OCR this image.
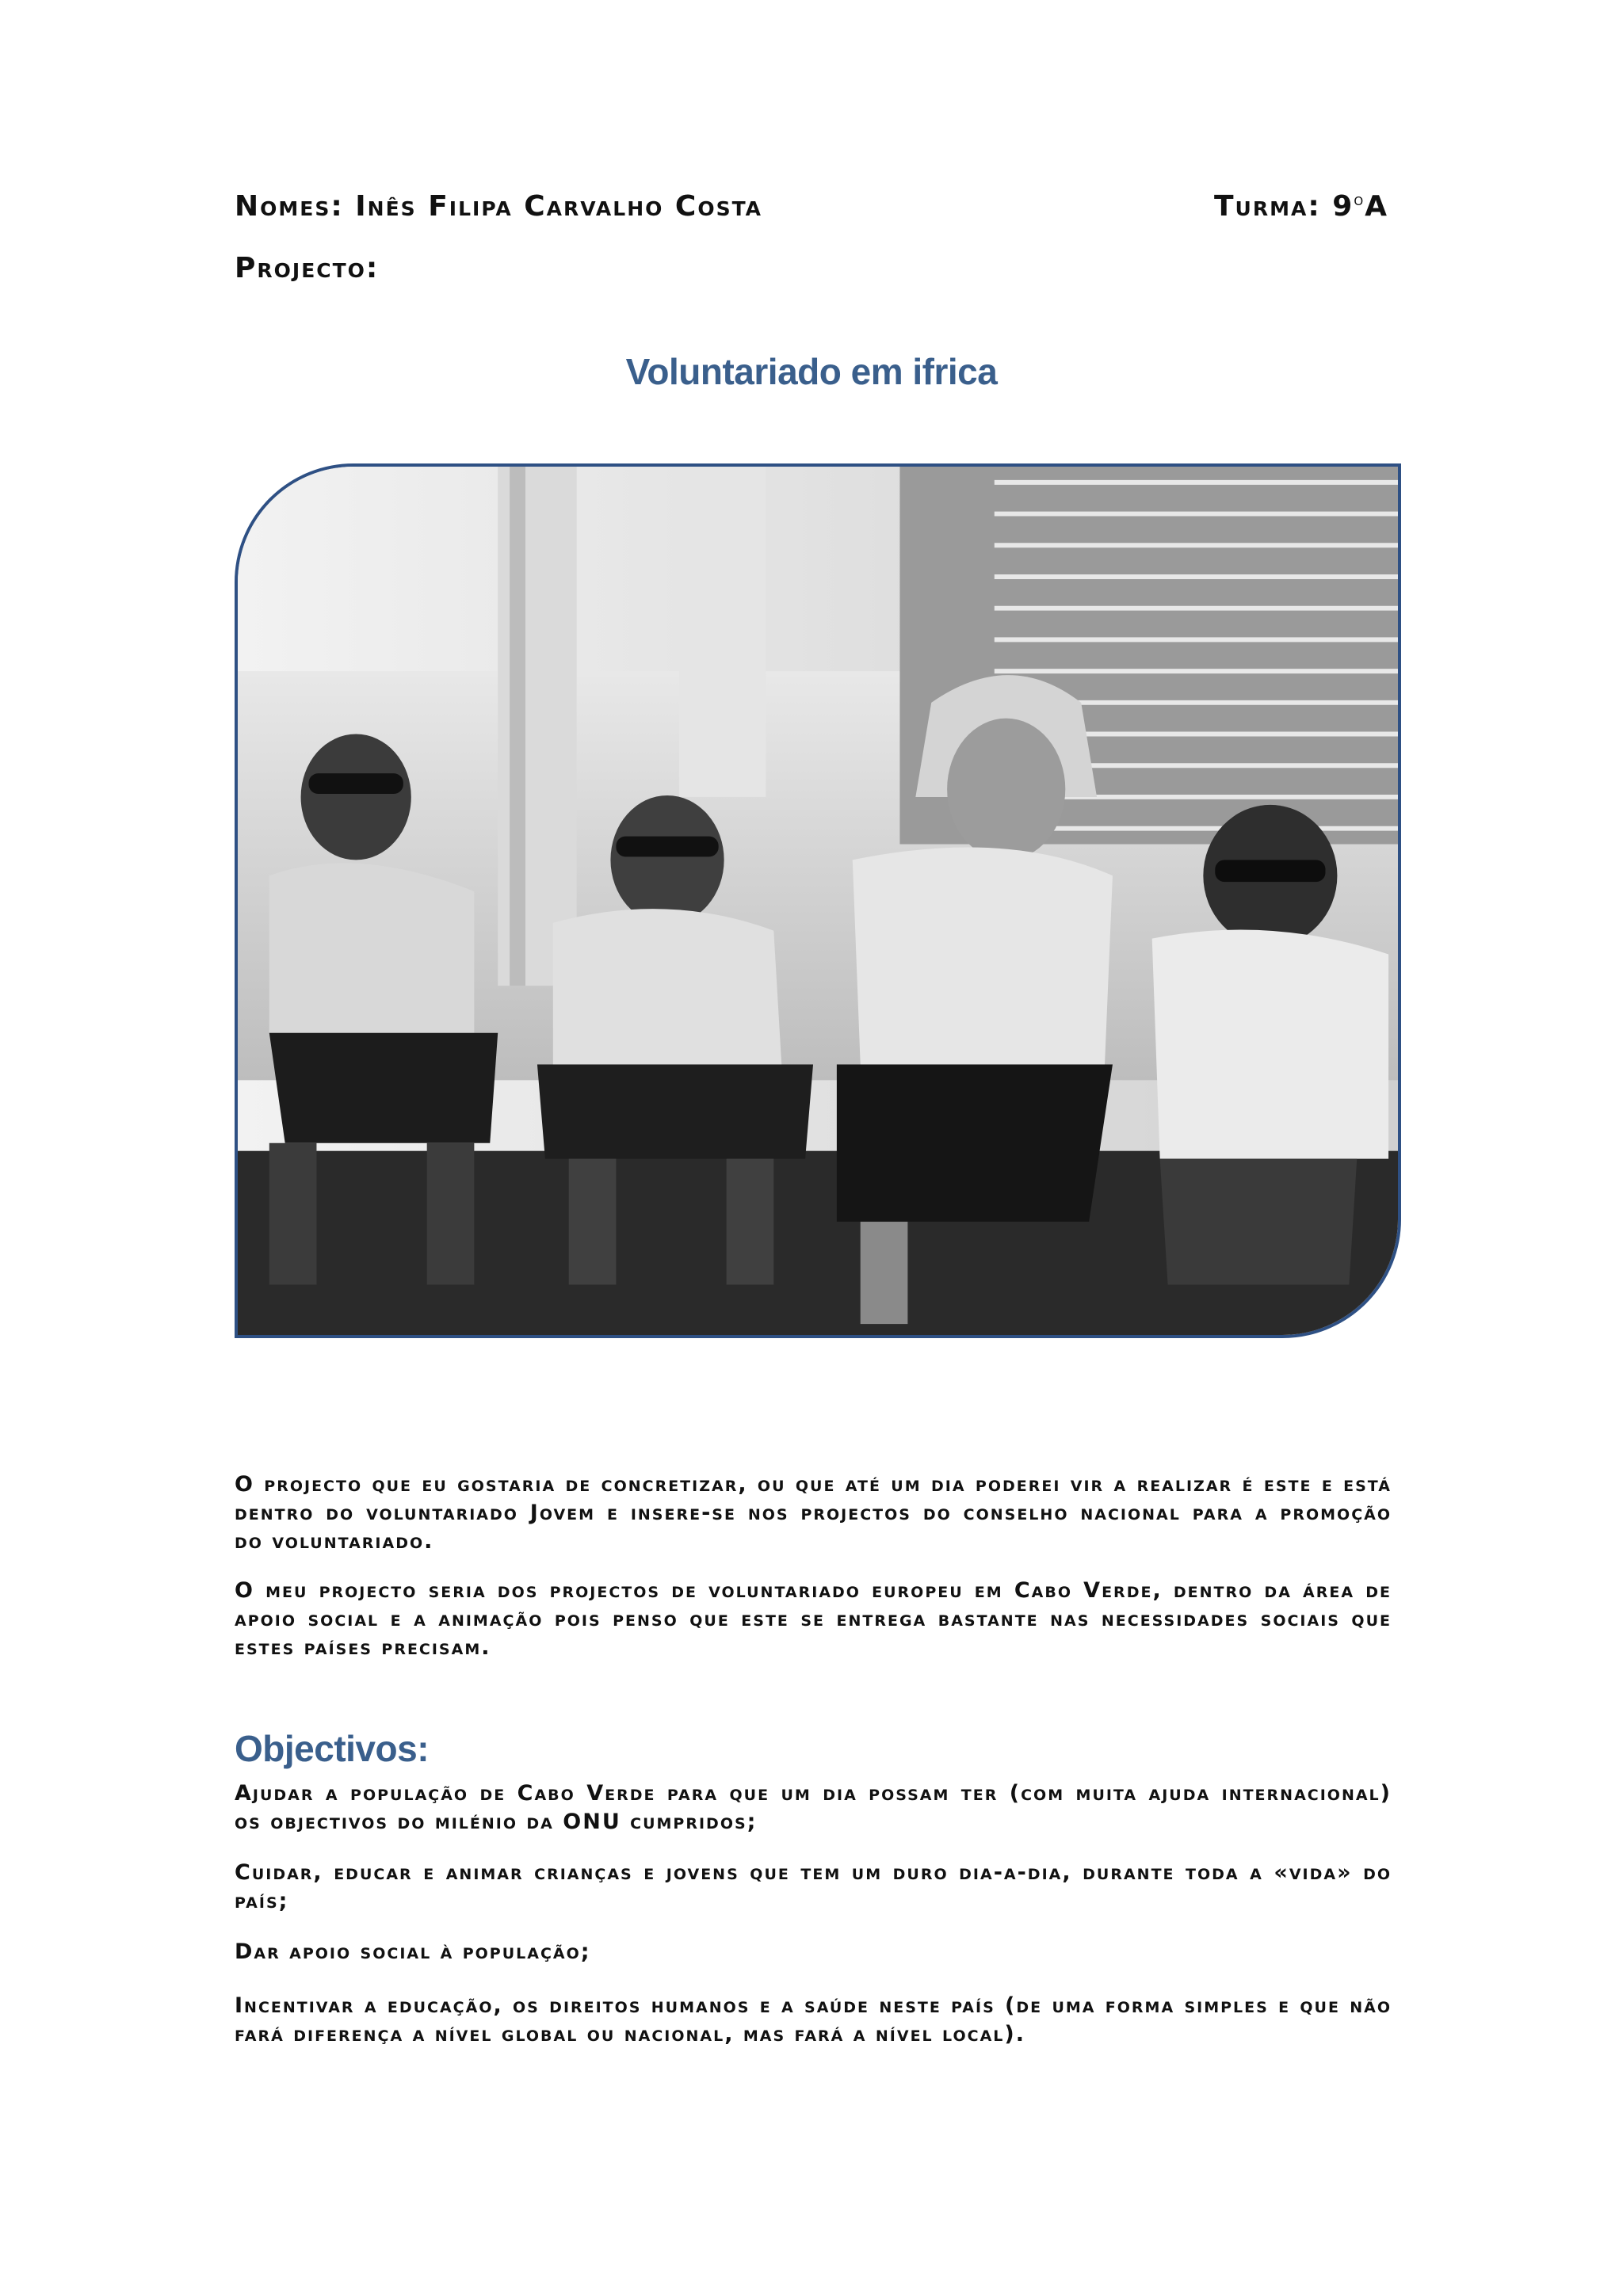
Nomes: Inês Filipa Carvalho Costa	Turma: 9$^o$A
Projecto:
Voluntariado em ifrica
O projecto que eu gostaria de concretizar, ou que até um dia poderei vir a realizar é este e está dentro do voluntariado Jovem e insere-se nos projectos do conselho nacional para a promoção do voluntariado.
O meu projecto seria dos projectos de voluntariado europeu em Cabo Verde, dentro da área de apoio social e a animação pois penso que este se entrega bastante nas necessidades sociais que estes países precisam.
Objectivos:
Ajudar a população de Cabo Verde para que um dia possam ter (com muita ajuda internacional) os objectivos do milénio da ONU cumpridos;
Cuidar, educar e animar crianças e jovens que tem um duro dia-a-dia, durante toda a «vida» do país;
Dar apoio social à população;
Incentivar a educação, os direitos humanos e a saúde neste país (de uma forma simples e que não fará diferença a nível global ou nacional, mas fará a nível local).
